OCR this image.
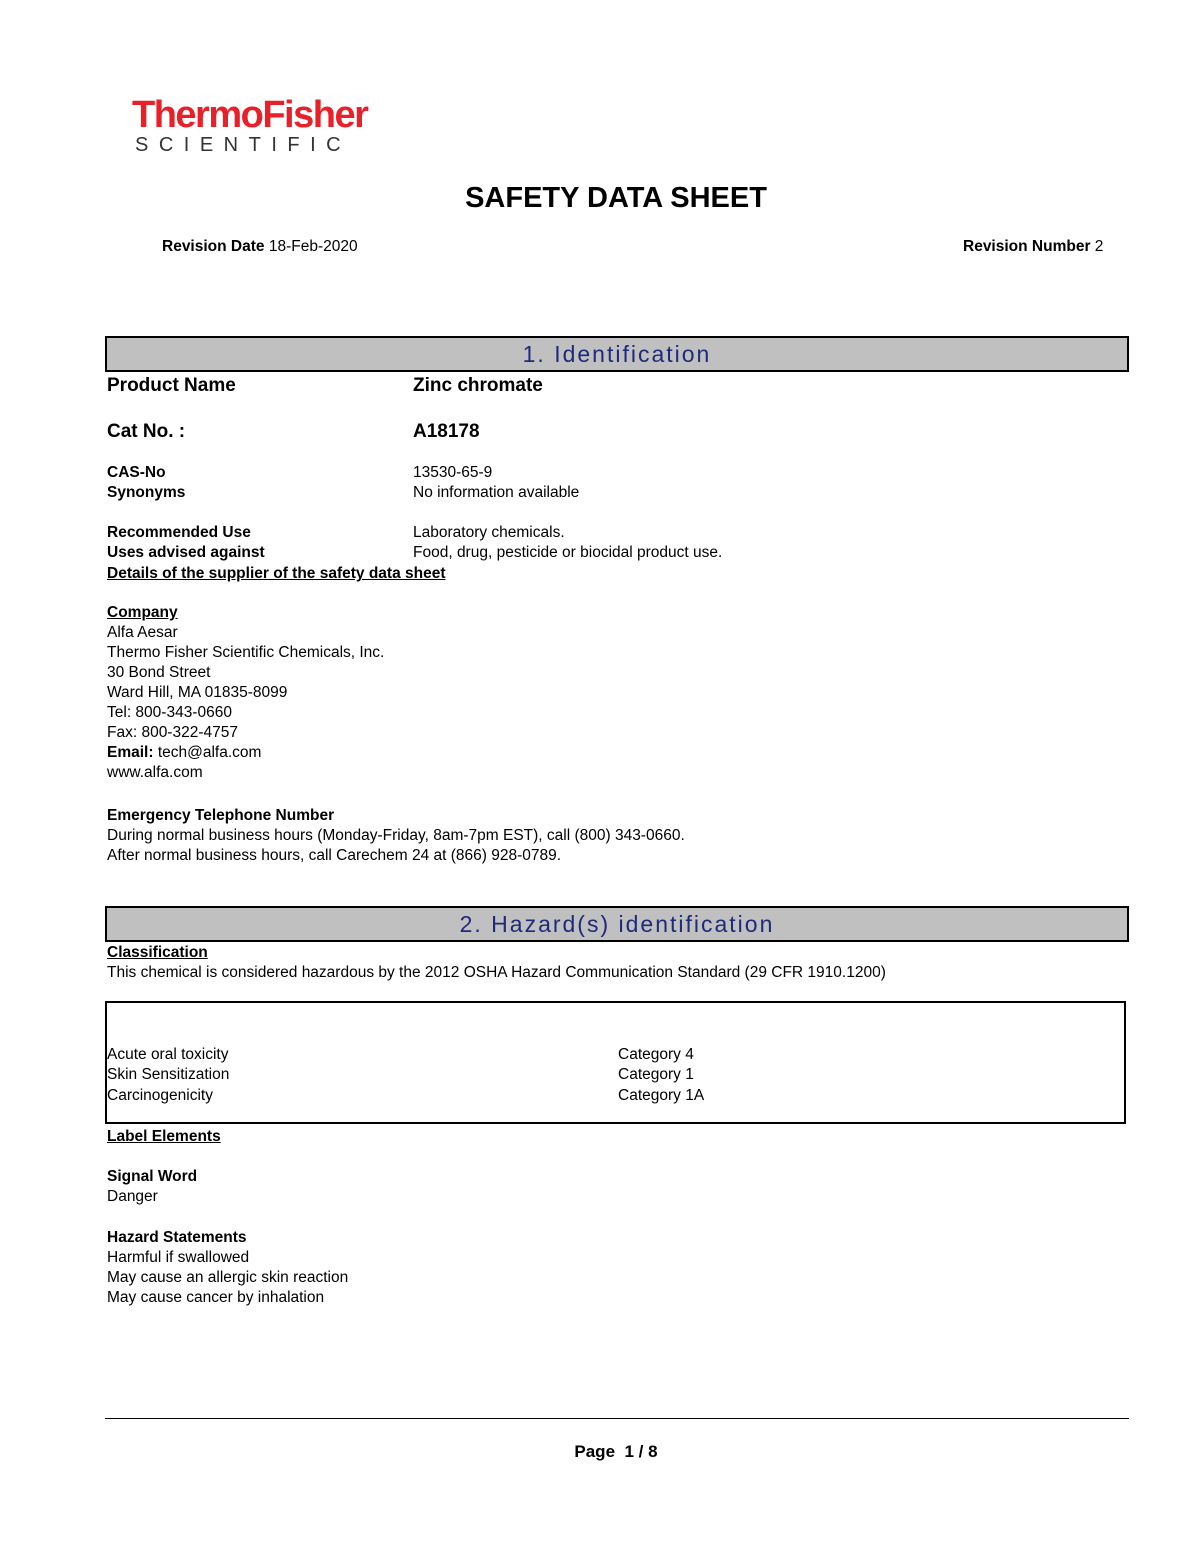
ThermoFisher
SCIENTIFIC
SAFETY DATA SHEET
Revision Date 18-Feb-2020	Revision Number 2
1. Identification
Product Name	Zinc chromate
Cat No. :	A18178
CAS-No	13530-65-9
Synonyms	No information available
Recommended Use	Laboratory chemicals.
Uses advised against	Food, drug, pesticide or biocidal product use.
Details of the supplier of the safety data sheet
Company
Alfa Aesar
Thermo Fisher Scientific Chemicals, Inc.
30 Bond Street
Ward Hill, MA 01835-8099
Tel: 800-343-0660
Fax: 800-322-4757
Email: tech@alfa.com
www.alfa.com
Emergency Telephone Number
During normal business hours (Monday-Friday, 8am-7pm EST), call (800) 343-0660.
After normal business hours, call Carechem 24 at (866) 928-0789.
2. Hazard(s) identification
Classification
This chemical is considered hazardous by the 2012 OSHA Hazard Communication Standard (29 CFR 1910.1200)
Acute oral toxicity	Category 4
Skin Sensitization	Category 1
Carcinogenicity	Category 1A
Label Elements
Signal Word
Danger
Hazard Statements
Harmful if swallowed
May cause an allergic skin reaction
May cause cancer by inhalation
Page 1 / 8
